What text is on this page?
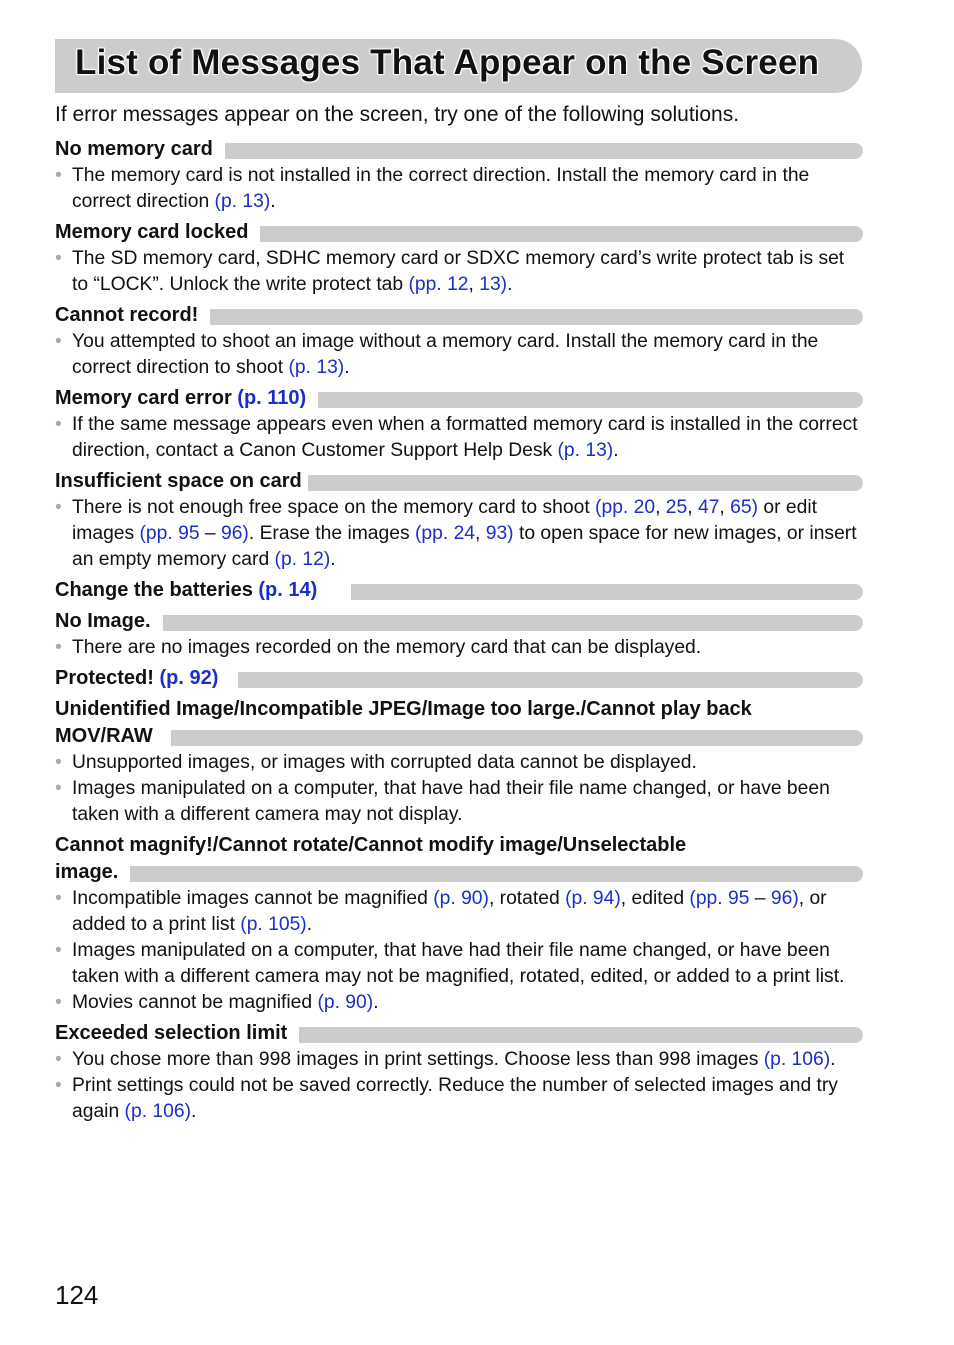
List of Messages That Appear on the Screen

If error messages appear on the screen, try one of the following solutions.

No memory card
• The memory card is not installed in the correct direction. Install the memory card in the correct direction (p. 13).
Memory card locked
• The SD memory card, SDHC memory card or SDXC memory card’s write protect tab is set to “LOCK”. Unlock the write protect tab (pp. 12, 13).
Cannot record!
• You attempted to shoot an image without a memory card. Install the memory card in the correct direction to shoot (p. 13).
Memory card error (p. 110)
• If the same message appears even when a formatted memory card is installed in the correct direction, contact a Canon Customer Support Help Desk (p. 13).
Insufficient space on card
• There is not enough free space on the memory card to shoot (pp. 20, 25, 47, 65) or edit images (pp. 95 – 96). Erase the images (pp. 24, 93) to open space for new images, or insert an empty memory card (p. 12).
Change the batteries (p. 14)
No Image.
• There are no images recorded on the memory card that can be displayed.
Protected! (p. 92)
Unidentified Image/Incompatible JPEG/Image too large./Cannot play back
MOV/RAW
• Unsupported images, or images with corrupted data cannot be displayed.
• Images manipulated on a computer, that have had their file name changed, or have been taken with a different camera may not display.
Cannot magnify!/Cannot rotate/Cannot modify image/Unselectable
image.
• Incompatible images cannot be magnified (p. 90), rotated (p. 94), edited (pp. 95 – 96), or added to a print list (p. 105).
• Images manipulated on a computer, that have had their file name changed, or have been taken with a different camera may not be magnified, rotated, edited, or added to a print list.
• Movies cannot be magnified (p. 90).
Exceeded selection limit
• You chose more than 998 images in print settings. Choose less than 998 images (p. 106).
• Print settings could not be saved correctly. Reduce the number of selected images and try again (p. 106).

124
